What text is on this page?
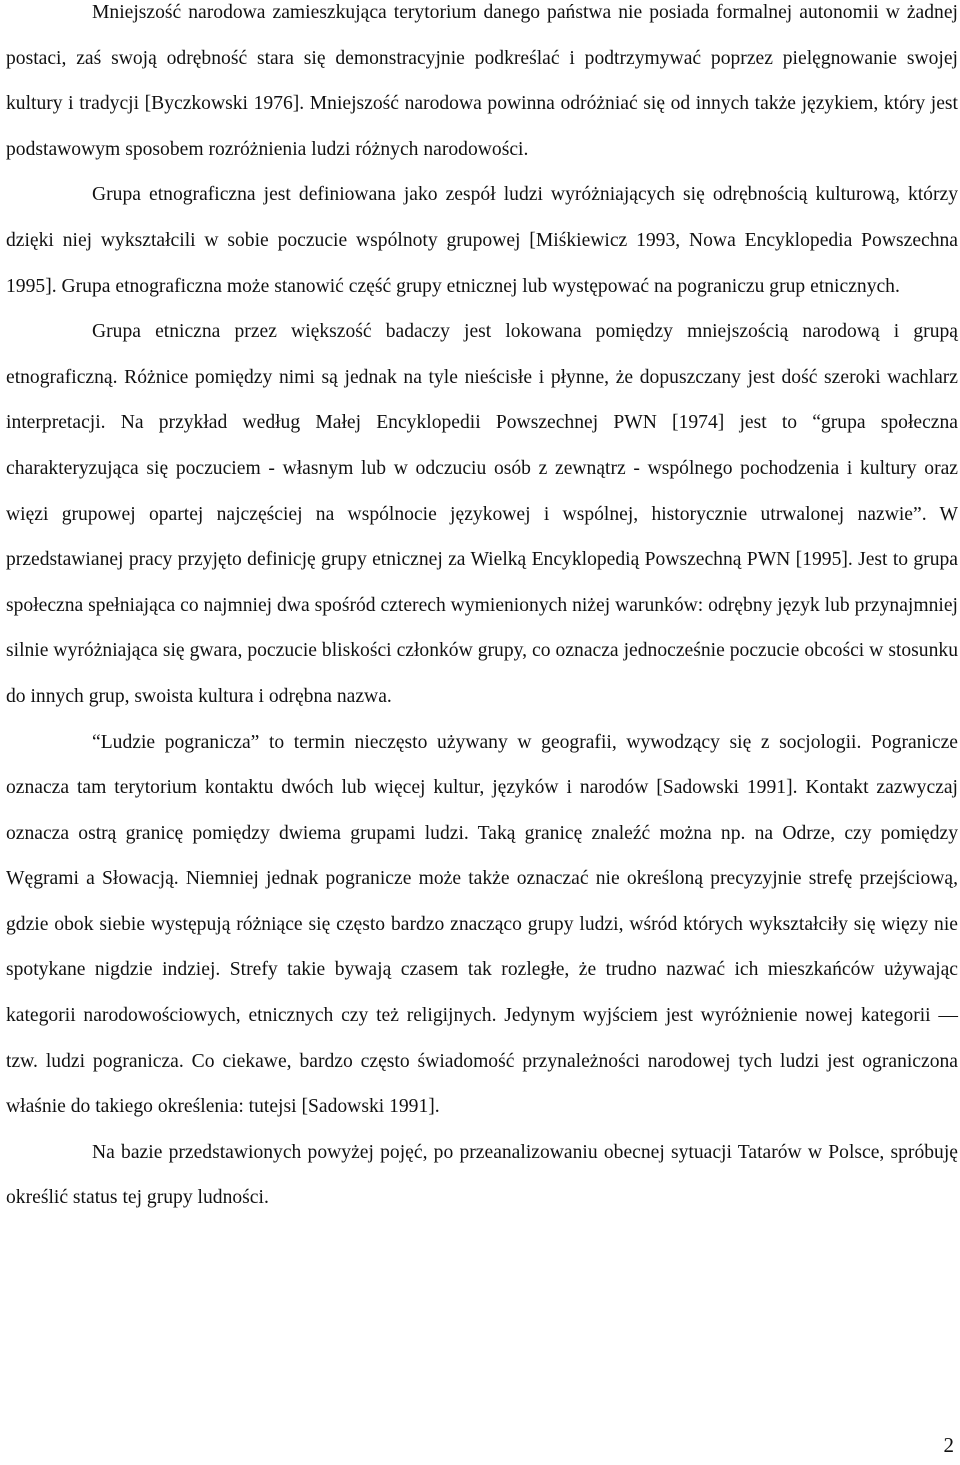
Mniejszość narodowa zamieszkująca terytorium danego państwa nie posiada formalnej autonomii w żadnej postaci, zaś swoją odrębność stara się demonstracyjnie podkreślać i podtrzymywać poprzez pielęgnowanie swojej kultury i tradycji [Byczkowski 1976]. Mniejszość narodowa powinna odróżniać się od innych także językiem, który jest podstawowym sposobem rozróżnienia ludzi różnych narodowości.

Grupa etnograficzna jest definiowana jako zespół ludzi wyróżniających się odrębnością kulturową, którzy dzięki niej wykształcili w sobie poczucie wspólnoty grupowej [Miśkiewicz 1993, Nowa Encyklopedia Powszechna 1995]. Grupa etnograficzna może stanowić część grupy etnicznej lub występować na pograniczu grup etnicznych.

Grupa etniczna przez większość badaczy jest lokowana pomiędzy mniejszością narodową i grupą etnograficzną. Różnice pomiędzy nimi są jednak na tyle nieścisłe i płynne, że dopuszczany jest dość szeroki wachlarz interpretacji. Na przykład według Małej Encyklopedii Powszechnej PWN [1974] jest to “grupa społeczna charakteryzująca się poczuciem - własnym lub w odczuciu osób z zewnątrz - wspólnego pochodzenia i kultury oraz więzi grupowej opartej najczęściej na wspólnocie językowej i wspólnej, historycznie utrwalonej nazwie”. W przedstawianej pracy przyjęto definicję grupy etnicznej za Wielką Encyklopedią Powszechną PWN [1995]. Jest to grupa społeczna spełniająca co najmniej dwa spośród czterech wymienionych niżej warunków: odrębny język lub przynajmniej silnie wyróżniająca się gwara, poczucie bliskości członków grupy, co oznacza jednocześnie poczucie obcości w stosunku do innych grup, swoista kultura i odrębna nazwa.

“Ludzie pogranicza” to termin nieczęsto używany w geografii, wywodzący się z socjologii. Pogranicze oznacza tam terytorium kontaktu dwóch lub więcej kultur, języków i narodów [Sadowski 1991]. Kontakt zazwyczaj oznacza ostrą granicę pomiędzy dwiema grupami ludzi. Taką granicę znaleźć można np. na Odrze, czy pomiędzy Węgrami a Słowacją. Niemniej jednak pogranicze może także oznaczać nie określoną precyzyjnie strefę przejściową, gdzie obok siebie występują różniące się często bardzo znacząco grupy ludzi, wśród których wykształciły się więzy nie spotykane nigdzie indziej. Strefy takie bywają czasem tak rozległe, że trudno nazwać ich mieszkańców używając kategorii narodowościowych, etnicznych czy też religijnych. Jedynym wyjściem jest wyróżnienie nowej kategorii — tzw. ludzi pogranicza. Co ciekawe, bardzo często świadomość przynależności narodowej tych ludzi jest ograniczona właśnie do takiego określenia: tutejsi [Sadowski 1991].

Na bazie przedstawionych powyżej pojęć, po przeanalizowaniu obecnej sytuacji Tatarów w Polsce, spróbuję określić status tej grupy ludności.

2
